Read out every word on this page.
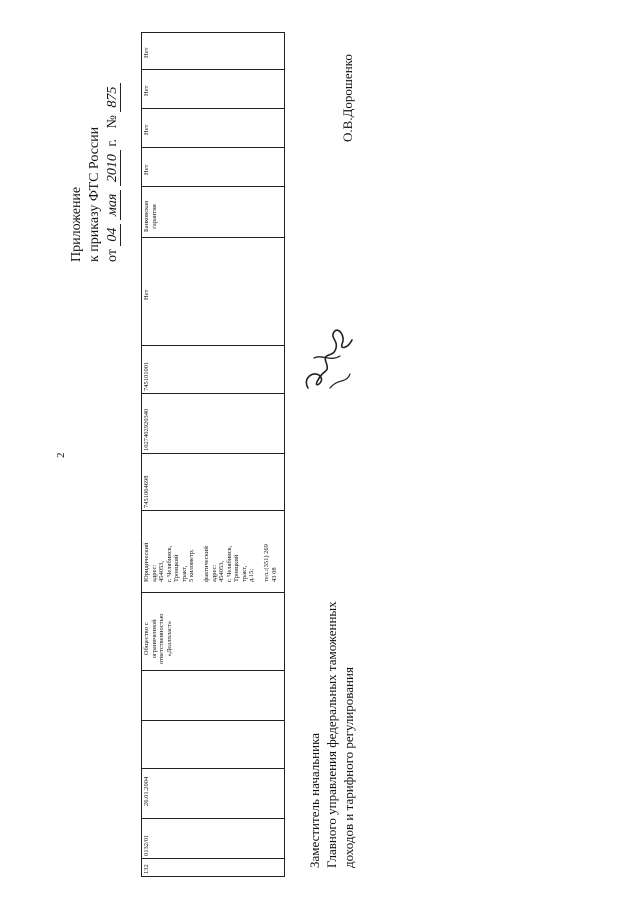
2
Приложение к приказу ФТС России от 04 мая 2010 г.   № 875
132
0132/01
26.01.2004
Общество с
ограниченной
ответственностью
«Деалпласт»
Юридический
адрес: 454053,
г. Челябинск,
Троицкий тракт,
5 километр;

фактический адрес:
454053,
г. Челябинск,
Троицкий тракт,
д.15;

тел.:(351) 269 43 08
7451064698
1027402920340
745101001
Нет
Банковская
гарантия
Нет
Нет
Нет
Нет
Заместитель начальника Главного управления федеральных таможенных доходов и тарифного регулирования
О.В.Дорошенко
